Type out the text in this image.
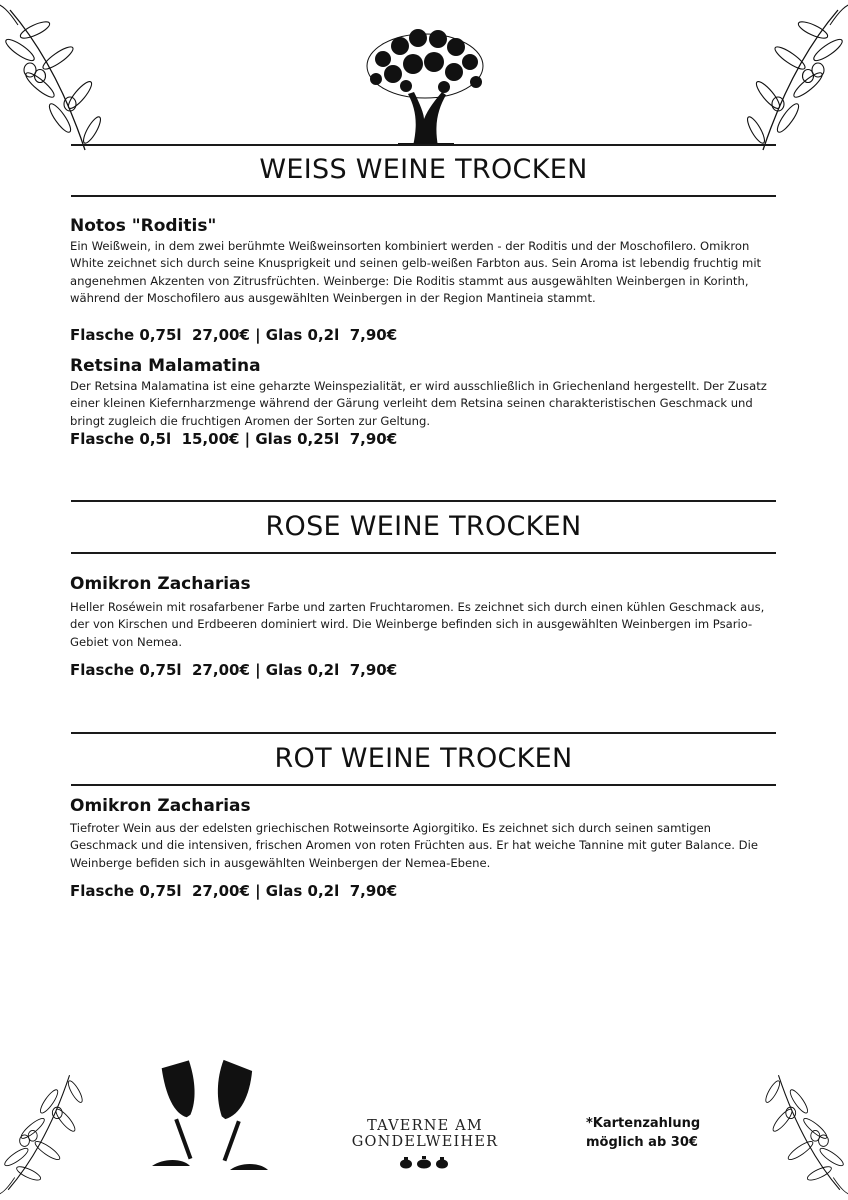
WEISS WEINE TROCKEN
Notos "Roditis"
Ein Weißwein, in dem zwei berühmte Weißweinsorten kombiniert werden - der Roditis und der Moschofilero. Omikron White zeichnet sich durch seine Knusprigkeit und seinen gelb-weißen Farbton aus. Sein Aroma ist lebendig fruchtig mit angenehmen Akzenten von Zitrusfrüchten. Weinberge: Die Roditis stammt aus ausgewählten Weinbergen in Korinth, während der Moschofilero aus ausgewählten Weinbergen in der Region Mantineia stammt.
Flasche 0,75l  27,00€ | Glas 0,2l  7,90€
Retsina Malamatina
Der Retsina Malamatina ist eine geharzte Weinspezialität, er wird ausschließlich in Griechenland hergestellt. Der Zusatz einer kleinen Kiefernharzmenge während der Gärung verleiht dem Retsina seinen charakteristischen Geschmack und bringt zugleich die fruchtigen Aromen der Sorten zur Geltung.
Flasche 0,5l  15,00€ | Glas 0,25l  7,90€
ROSE WEINE TROCKEN
Omikron Zacharias
Heller Roséwein mit rosafarbener Farbe und zarten Fruchtaromen. Es zeichnet sich durch einen kühlen Geschmack aus, der von Kirschen und Erdbeeren dominiert wird. Die Weinberge befinden sich in ausgewählten Weinbergen im Psario-Gebiet von Nemea.
Flasche 0,75l  27,00€ | Glas 0,2l  7,90€
ROT WEINE TROCKEN
Omikron Zacharias
Tiefroter Wein aus der edelsten griechischen Rotweinsorte Agiorgitiko. Es zeichnet sich durch seinen samtigen Geschmack und die intensiven, frischen Aromen von roten Früchten aus. Er hat weiche Tannine mit guter Balance. Die Weinberge befiden sich in ausgewählten Weinbergen der Nemea-Ebene.
Flasche 0,75l  27,00€ | Glas 0,2l  7,90€
TAVERNE AM
GONDELWEIHER
*Kartenzahlung
möglich ab 30€
